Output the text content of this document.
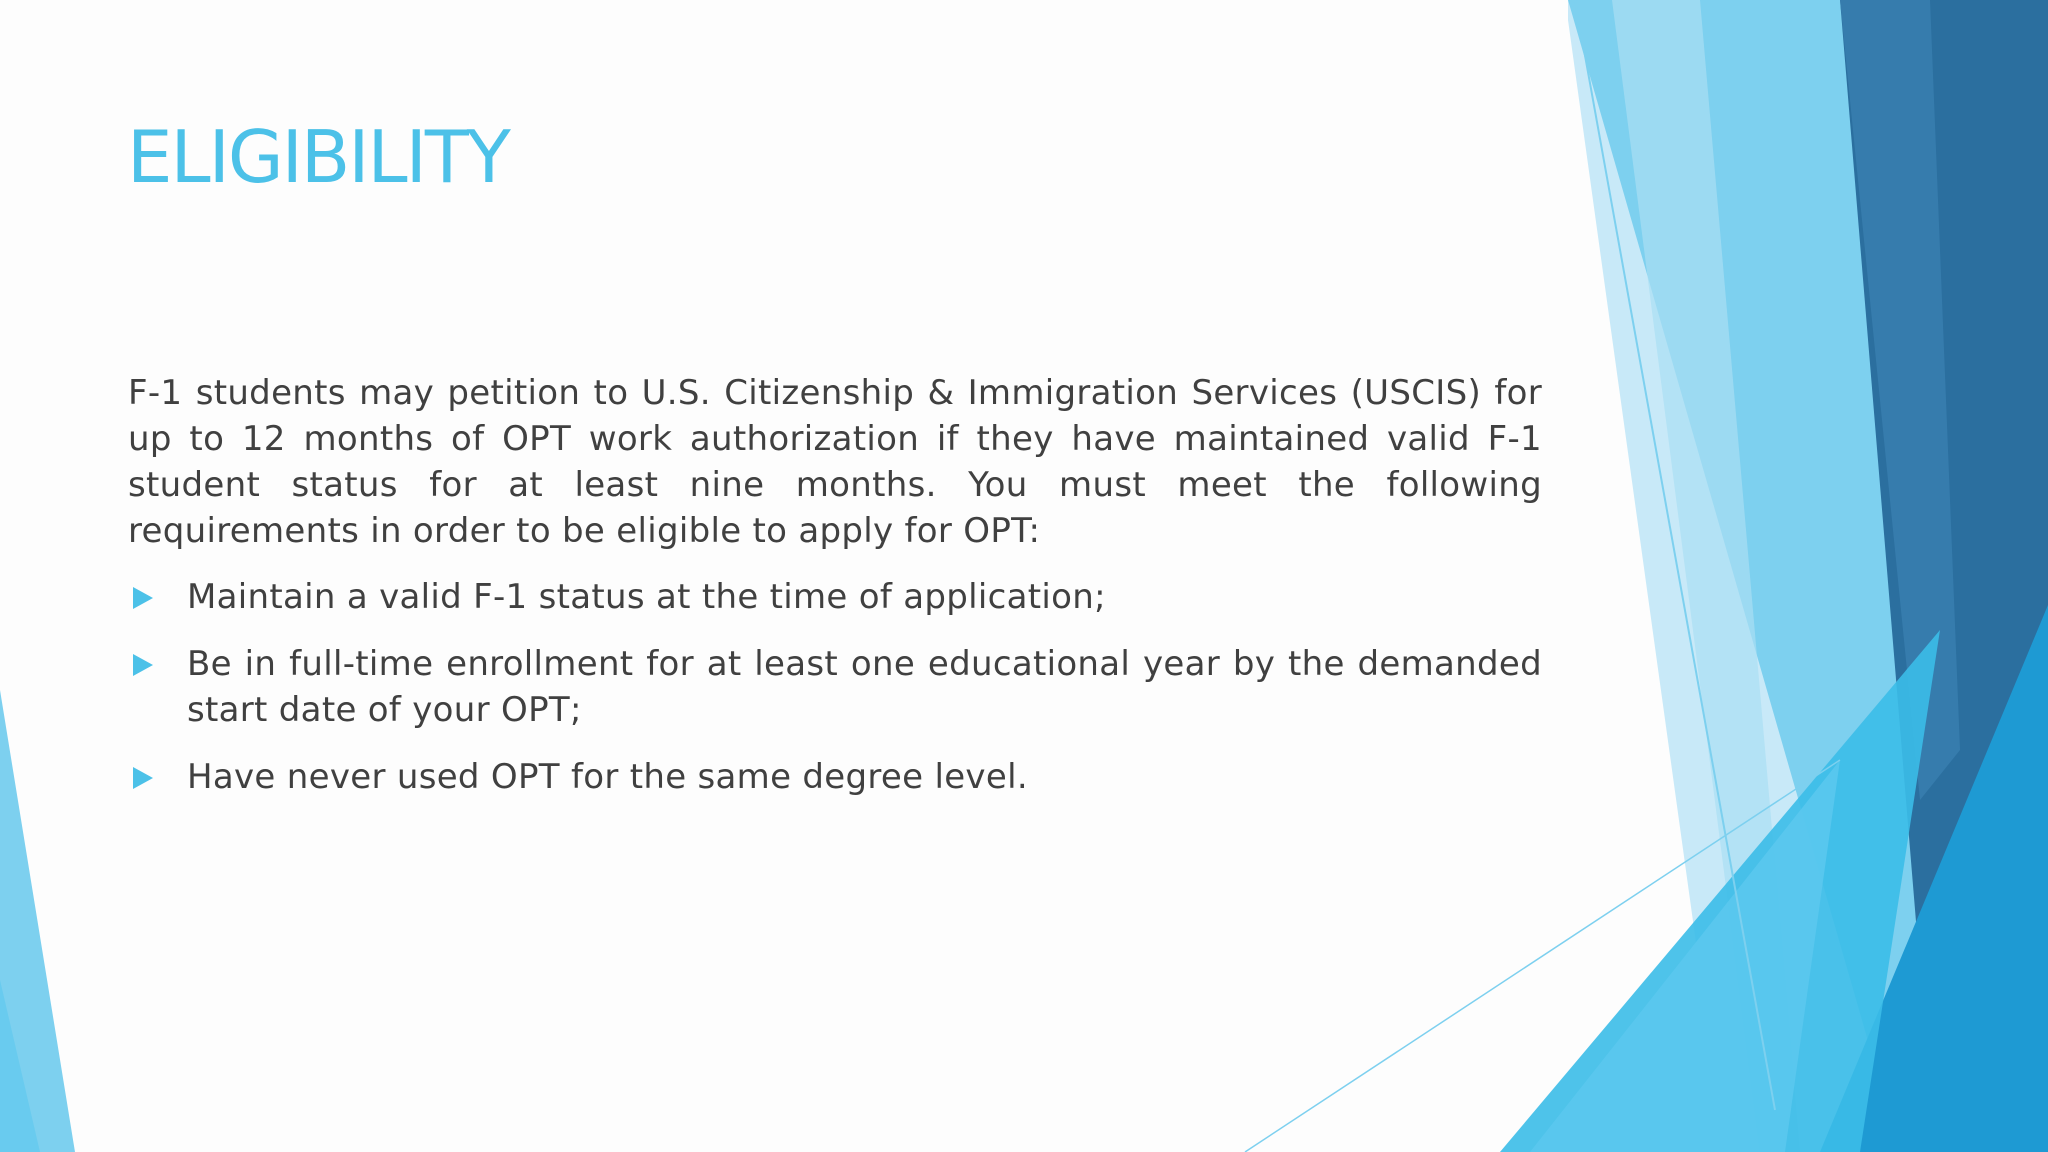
ELIGIBILITY

F-1 students may petition to U.S. Citizenship & Immigration Services (USCIS) for up to 12 months of OPT work authorization if they have maintained valid F-1 student status for at least nine months. You must meet the following requirements in order to be eligible to apply for OPT:

Maintain a valid F-1 status at the time of application;
Be in full-time enrollment for at least one educational year by the demanded start date of your OPT;
Have never used OPT for the same degree level.
